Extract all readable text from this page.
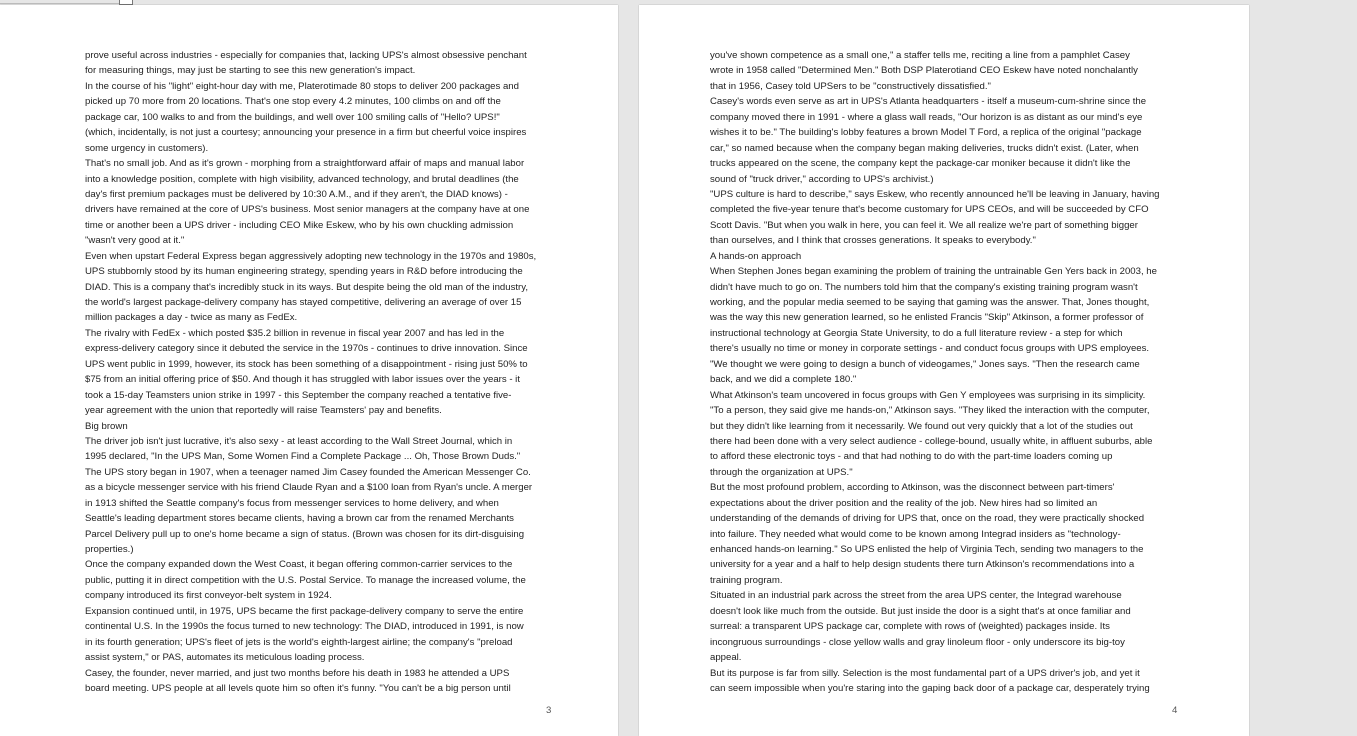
prove useful across industries - especially for companies that, lacking UPS's almost obsessive penchant
for measuring things, may just be starting to see this new generation's impact.
In the course of his "light" eight-hour day with me, Platerotimade 80 stops to deliver 200 packages and
picked up 70 more from 20 locations. That's one stop every 4.2 minutes, 100 climbs on and off the
package car, 100 walks to and from the buildings, and well over 100 smiling calls of "Hello? UPS!"
(which, incidentally, is not just a courtesy; announcing your presence in a firm but cheerful voice inspires
some urgency in customers).
That's no small job. And as it's grown - morphing from a straightforward affair of maps and manual labor
into a knowledge position, complete with high visibility, advanced technology, and brutal deadlines (the
day's first premium packages must be delivered by 10:30 A.M., and if they aren't, the DIAD knows) -
drivers have remained at the core of UPS's business. Most senior managers at the company have at one
time or another been a UPS driver - including CEO Mike Eskew, who by his own chuckling admission
"wasn't very good at it."
Even when upstart Federal Express began aggressively adopting new technology in the 1970s and 1980s,
UPS stubbornly stood by its human engineering strategy, spending years in R&D before introducing the
DIAD. This is a company that's incredibly stuck in its ways. But despite being the old man of the industry,
the world's largest package-delivery company has stayed competitive, delivering an average of over 15
million packages a day - twice as many as FedEx.
The rivalry with FedEx - which posted $35.2 billion in revenue in fiscal year 2007 and has led in the
express-delivery category since it debuted the service in the 1970s - continues to drive innovation. Since
UPS went public in 1999, however, its stock has been something of a disappointment - rising just 50% to
$75 from an initial offering price of $50. And though it has struggled with labor issues over the years - it
took a 15-day Teamsters union strike in 1997 - this September the company reached a tentative five-
year agreement with the union that reportedly will raise Teamsters' pay and benefits.
Big brown
The driver job isn't just lucrative, it's also sexy - at least according to the Wall Street Journal, which in
1995 declared, "In the UPS Man, Some Women Find a Complete Package ... Oh, Those Brown Duds."
The UPS story began in 1907, when a teenager named Jim Casey founded the American Messenger Co.
as a bicycle messenger service with his friend Claude Ryan and a $100 loan from Ryan's uncle. A merger
in 1913 shifted the Seattle company's focus from messenger services to home delivery, and when
Seattle's leading department stores became clients, having a brown car from the renamed Merchants
Parcel Delivery pull up to one's home became a sign of status. (Brown was chosen for its dirt-disguising
properties.)
Once the company expanded down the West Coast, it began offering common-carrier services to the
public, putting it in direct competition with the U.S. Postal Service. To manage the increased volume, the
company introduced its first conveyor-belt system in 1924.
Expansion continued until, in 1975, UPS became the first package-delivery company to serve the entire
continental U.S. In the 1990s the focus turned to new technology: The DIAD, introduced in 1991, is now
in its fourth generation; UPS's fleet of jets is the world's eighth-largest airline; the company's "preload
assist system," or PAS, automates its meticulous loading process.
Casey, the founder, never married, and just two months before his death in 1983 he attended a UPS
board meeting. UPS people at all levels quote him so often it's funny. "You can't be a big person until
3
you've shown competence as a small one," a staffer tells me, reciting a line from a pamphlet Casey
wrote in 1958 called "Determined Men." Both DSP Platerotiand CEO Eskew have noted nonchalantly
that in 1956, Casey told UPSers to be "constructively dissatisfied."
Casey's words even serve as art in UPS's Atlanta headquarters - itself a museum-cum-shrine since the
company moved there in 1991 - where a glass wall reads, "Our horizon is as distant as our mind's eye
wishes it to be." The building's lobby features a brown Model T Ford, a replica of the original "package
car," so named because when the company began making deliveries, trucks didn't exist. (Later, when
trucks appeared on the scene, the company kept the package-car moniker because it didn't like the
sound of "truck driver," according to UPS's archivist.)
"UPS culture is hard to describe," says Eskew, who recently announced he'll be leaving in January, having
completed the five-year tenure that's become customary for UPS CEOs, and will be succeeded by CFO
Scott Davis. "But when you walk in here, you can feel it. We all realize we're part of something bigger
than ourselves, and I think that crosses generations. It speaks to everybody."
A hands-on approach
When Stephen Jones began examining the problem of training the untrainable Gen Yers back in 2003, he
didn't have much to go on. The numbers told him that the company's existing training program wasn't
working, and the popular media seemed to be saying that gaming was the answer. That, Jones thought,
was the way this new generation learned, so he enlisted Francis "Skip" Atkinson, a former professor of
instructional technology at Georgia State University, to do a full literature review - a step for which
there's usually no time or money in corporate settings - and conduct focus groups with UPS employees.
"We thought we were going to design a bunch of videogames," Jones says. "Then the research came
back, and we did a complete 180."
What Atkinson's team uncovered in focus groups with Gen Y employees was surprising in its simplicity.
"To a person, they said give me hands-on," Atkinson says. "They liked the interaction with the computer,
but they didn't like learning from it necessarily. We found out very quickly that a lot of the studies out
there had been done with a very select audience - college-bound, usually white, in affluent suburbs, able
to afford these electronic toys - and that had nothing to do with the part-time loaders coming up
through the organization at UPS."
But the most profound problem, according to Atkinson, was the disconnect between part-timers'
expectations about the driver position and the reality of the job. New hires had so limited an
understanding of the demands of driving for UPS that, once on the road, they were practically shocked
into failure. They needed what would come to be known among Integrad insiders as "technology-
enhanced hands-on learning." So UPS enlisted the help of Virginia Tech, sending two managers to the
university for a year and a half to help design students there turn Atkinson's recommendations into a
training program.
Situated in an industrial park across the street from the area UPS center, the Integrad warehouse
doesn't look like much from the outside. But just inside the door is a sight that's at once familiar and
surreal: a transparent UPS package car, complete with rows of (weighted) packages inside. Its
incongruous surroundings - close yellow walls and gray linoleum floor - only underscore its big-toy
appeal.
But its purpose is far from silly. Selection is the most fundamental part of a UPS driver's job, and yet it
can seem impossible when you're staring into the gaping back door of a package car, desperately trying
4
